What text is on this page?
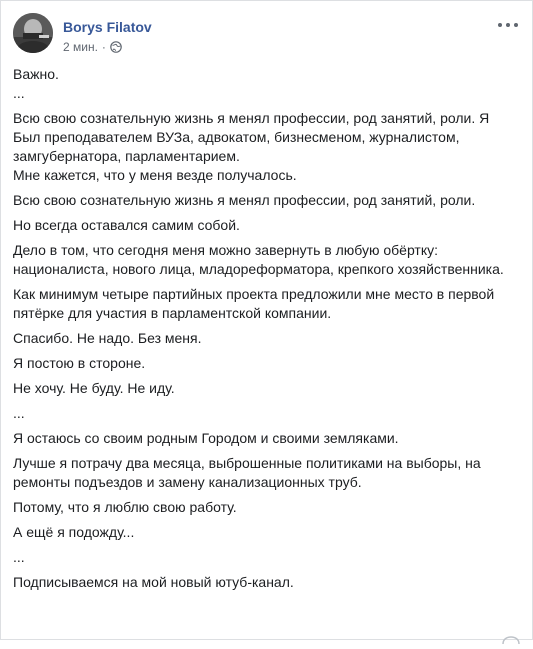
Borys Filatov
2 мин. ·

Важно.
...

Всю свою сознательную жизнь я менял профессии, род занятий, роли. Я Был преподавателем ВУЗа, адвокатом, бизнесменом, журналистом, замгубернатора, парламентарием.
Мне кажется, что у меня везде получалось.

Всю свою сознательную жизнь я менял профессии, род занятий, роли.

Но всегда оставался самим собой.

Дело в том, что сегодня меня можно завернуть в любую обёртку: националиста, нового лица, младореформатора, крепкого хозяйственника.

Как минимум четыре партийных проекта предложили мне место в первой пятёрке для участия в парламентской компании.

Спасибо. Не надо. Без меня.

Я постою в стороне.

Не хочу. Не буду. Не иду.

...

Я остаюсь со своим родным Городом и своими земляками.

Лучше я потрачу два месяца, выброшенные политиками на выборы, на ремонты подъездов и замену канализационных труб.

Потому, что я люблю свою работу.

А ещё я подожду...

...

Подписываемся на мой новый ютуб-канал.
